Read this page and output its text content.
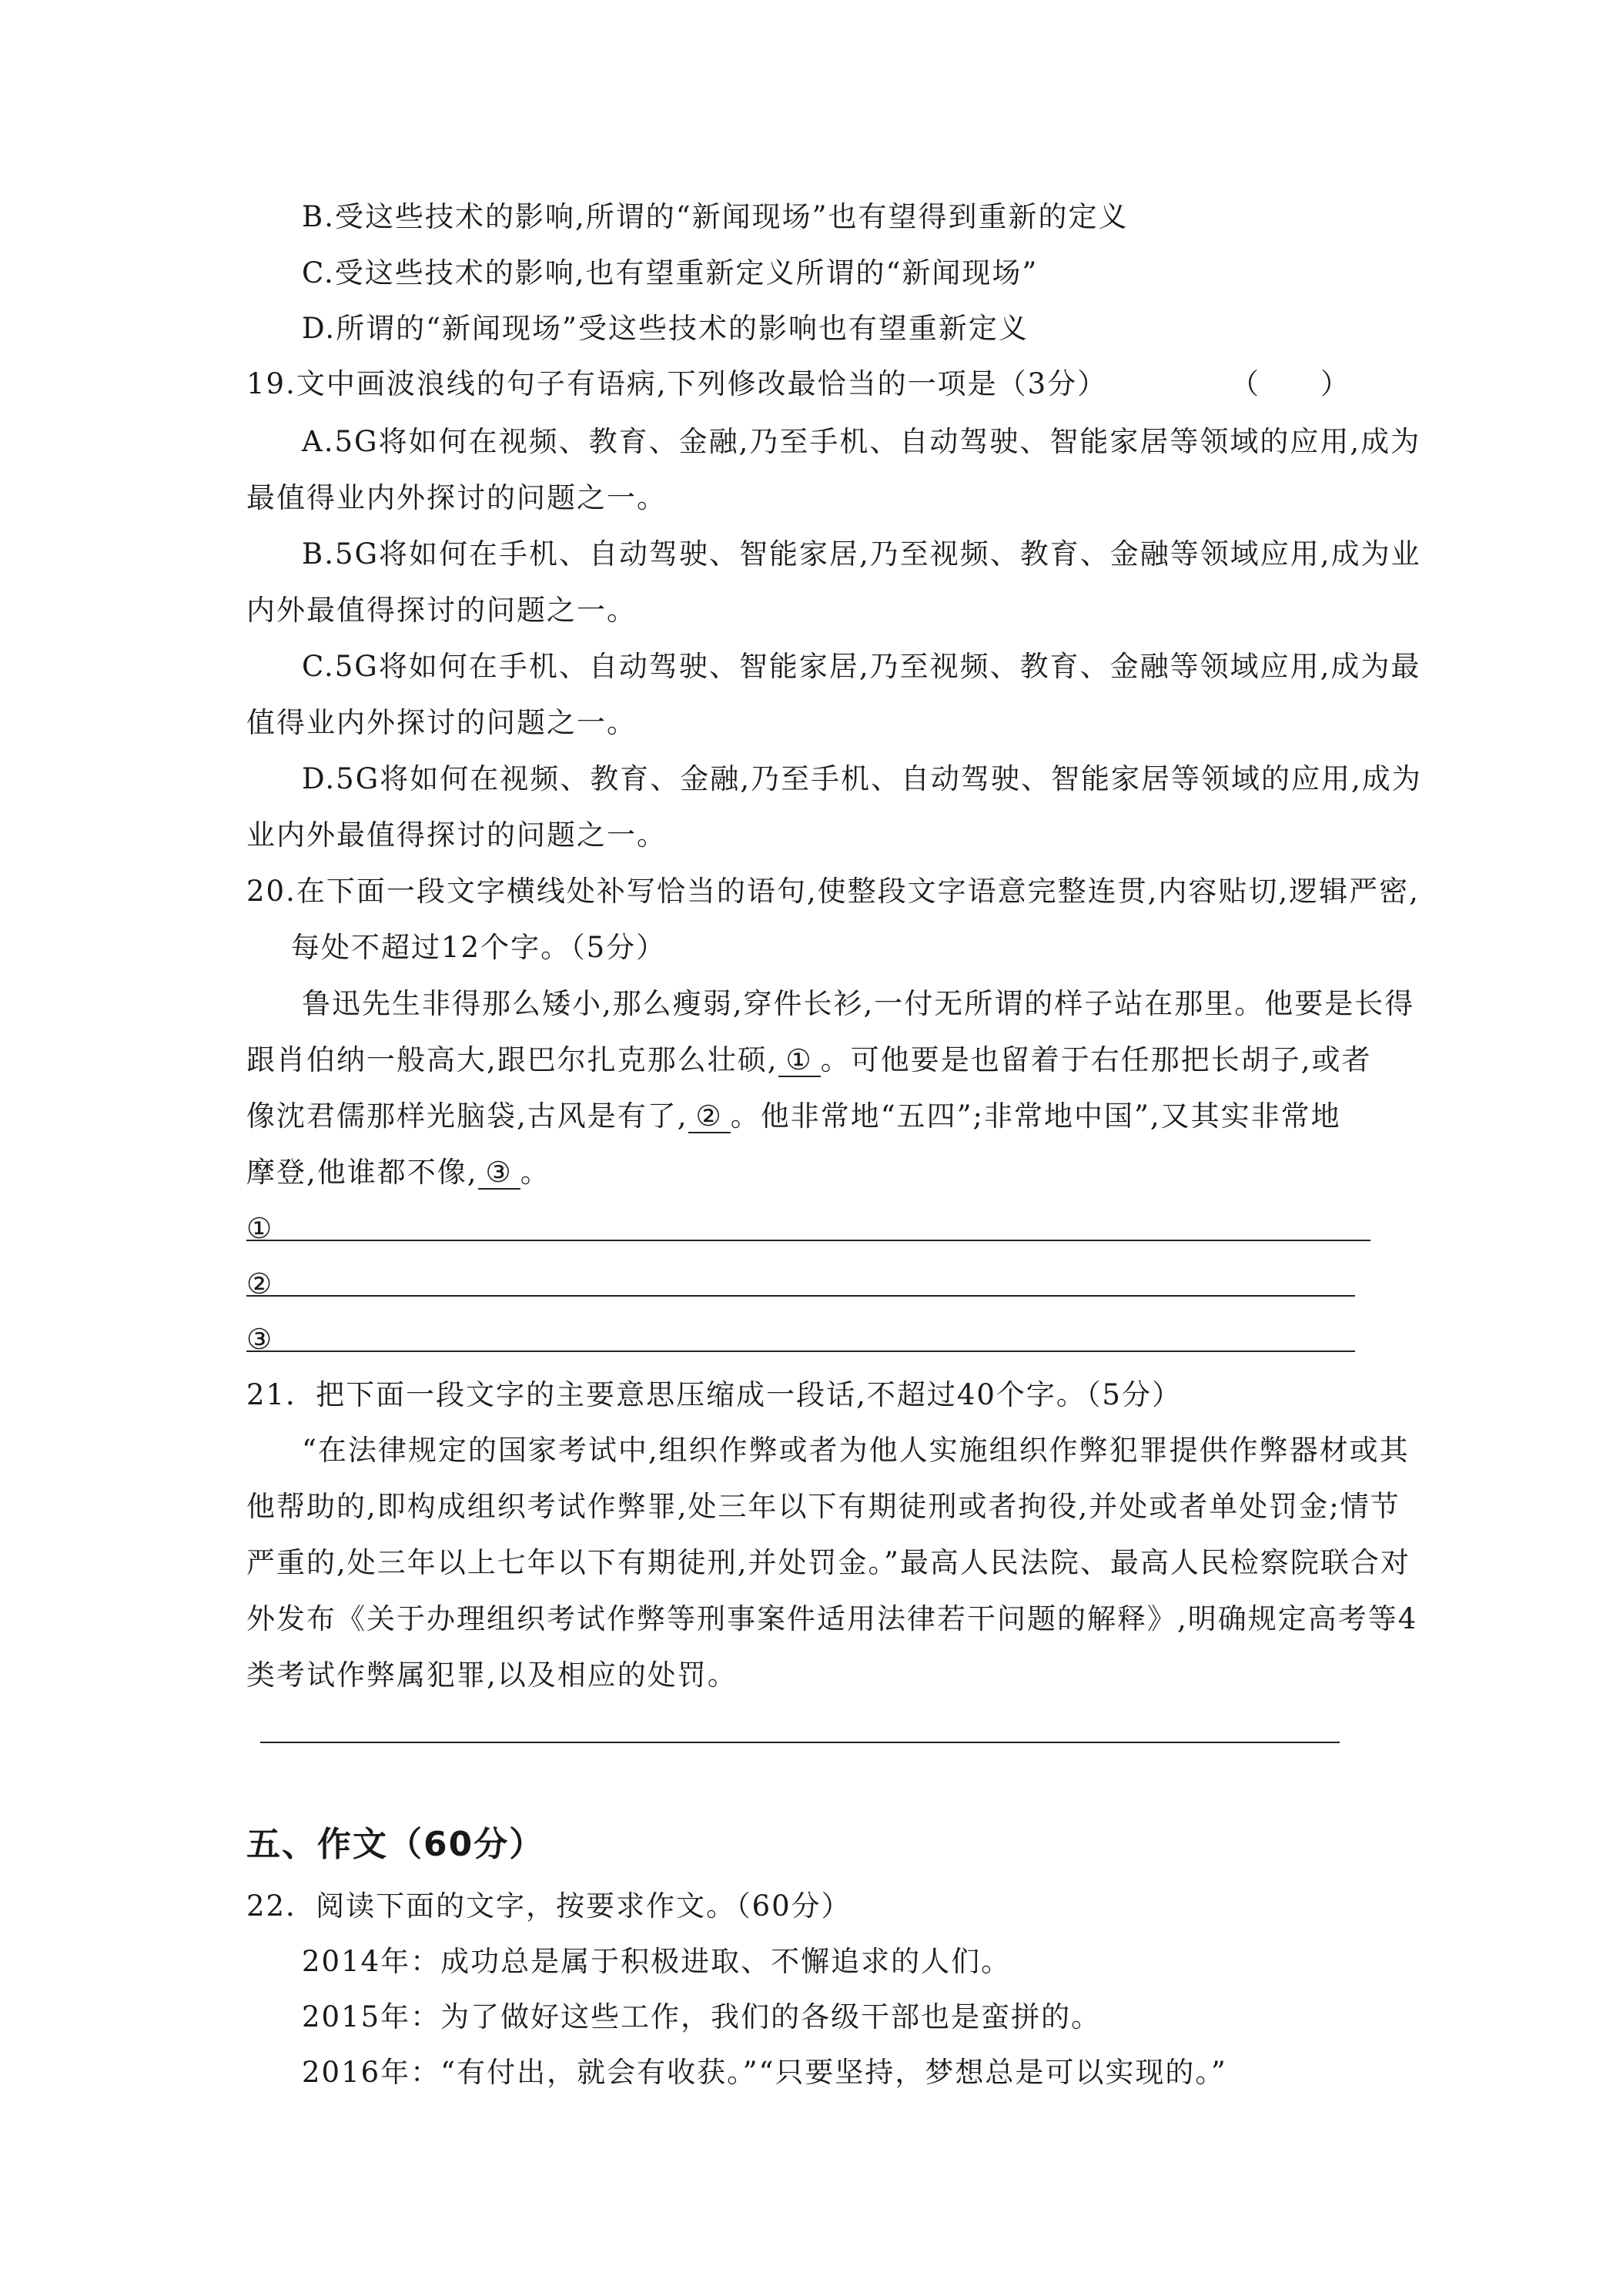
B.受这些技术的影响,所谓的“新闻现场”也有望得到重新的定义
C.受这些技术的影响,也有望重新定义所谓的“新闻现场”
D.所谓的“新闻现场”受这些技术的影响也有望重新定义
19.文中画波浪线的句子有语病,下列修改最恰当的一项是（3分）	（　　）
A.5G将如何在视频、教育、金融,乃至手机、自动驾驶、智能家居等领域的应用,成为
最值得业内外探讨的问题之一。
B.5G将如何在手机、自动驾驶、智能家居,乃至视频、教育、金融等领域应用,成为业
内外最值得探讨的问题之一。
C.5G将如何在手机、自动驾驶、智能家居,乃至视频、教育、金融等领域应用,成为最
值得业内外探讨的问题之一。
D.5G将如何在视频、教育、金融,乃至手机、自动驾驶、智能家居等领域的应用,成为
业内外最值得探讨的问题之一。
20.在下面一段文字横线处补写恰当的语句,使整段文字语意完整连贯,内容贴切,逻辑严密,
每处不超过12个字。（5分）
鲁迅先生非得那么矮小,那么瘦弱,穿件长衫,一付无所谓的样子站在那里。他要是长得
跟肖伯纳一般高大,跟巴尔扎克那么壮硕, ① 。可他要是也留着于右任那把长胡子,或者
像沈君儒那样光脑袋,古风是有了, ② 。他非常地“五四”;非常地中国”,又其实非常地
摩登,他谁都不像, ③ 。
①
②
③
21．把下面一段文字的主要意思压缩成一段话,不超过40个字。（5分）
“在法律规定的国家考试中,组织作弊或者为他人实施组织作弊犯罪提供作弊器材或其
他帮助的,即构成组织考试作弊罪,处三年以下有期徒刑或者拘役,并处或者单处罚金;情节
严重的,处三年以上七年以下有期徒刑,并处罚金。”最高人民法院、最高人民检察院联合对
外发布《关于办理组织考试作弊等刑事案件适用法律若干问题的解释》,明确规定高考等4
类考试作弊属犯罪,以及相应的处罚。
五、作文（60分）
22．阅读下面的文字，按要求作文。（60分）
2014年：成功总是属于积极进取、不懈追求的人们。
2015年：为了做好这些工作，我们的各级干部也是蛮拼的。
2016年：“有付出，就会有收获。”“只要坚持，梦想总是可以实现的。”
